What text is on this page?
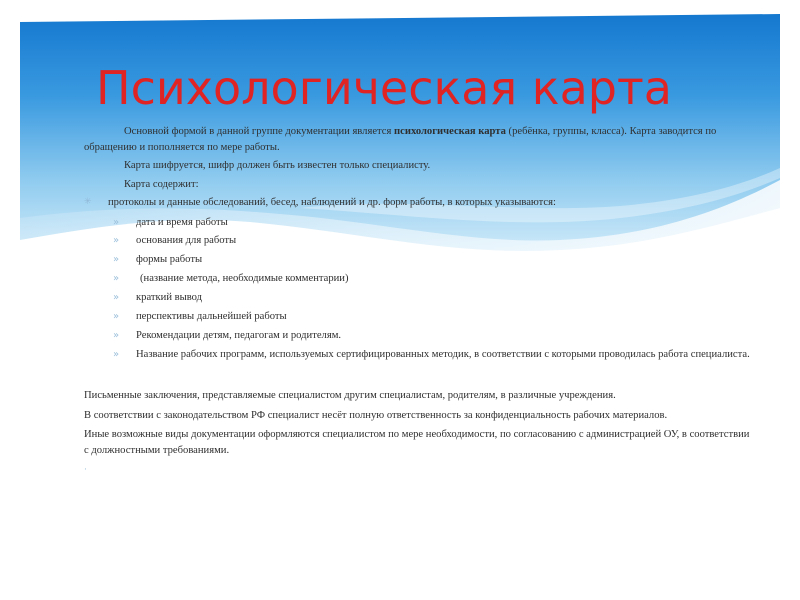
Психологическая карта

Основной формой в данной группе документации является психологическая карта (ребёнка, группы, класса). Карта заводится по обращению и пополняется по мере работы.

Карта шифруется, шифр должен быть известен только специалисту.

Карта содержит:

✳ протоколы и данные обследований, бесед, наблюдений и др. форм работы, в которых указываются:

» дата и время работы
» основания для работы
» формы работы
» (название метода, необходимые комментарии)
» краткий вывод
» перспективы дальнейшей работы
» Рекомендации детям, педагогам и родителям.
» Название рабочих программ, используемых сертифицированных методик, в соответствии с которыми проводилась работа специалиста.

Письменные заключения, представляемые специалистом другим специалистам, родителям, в различные учреждения.

В соответствии с законодательством РФ специалист несёт полную ответственность за конфиденциальность рабочих материалов.

Иные возможные виды документации оформляются специалистом по мере необходимости, по согласованию с администрацией ОУ, в соответствии с должностными требованиями.

·
